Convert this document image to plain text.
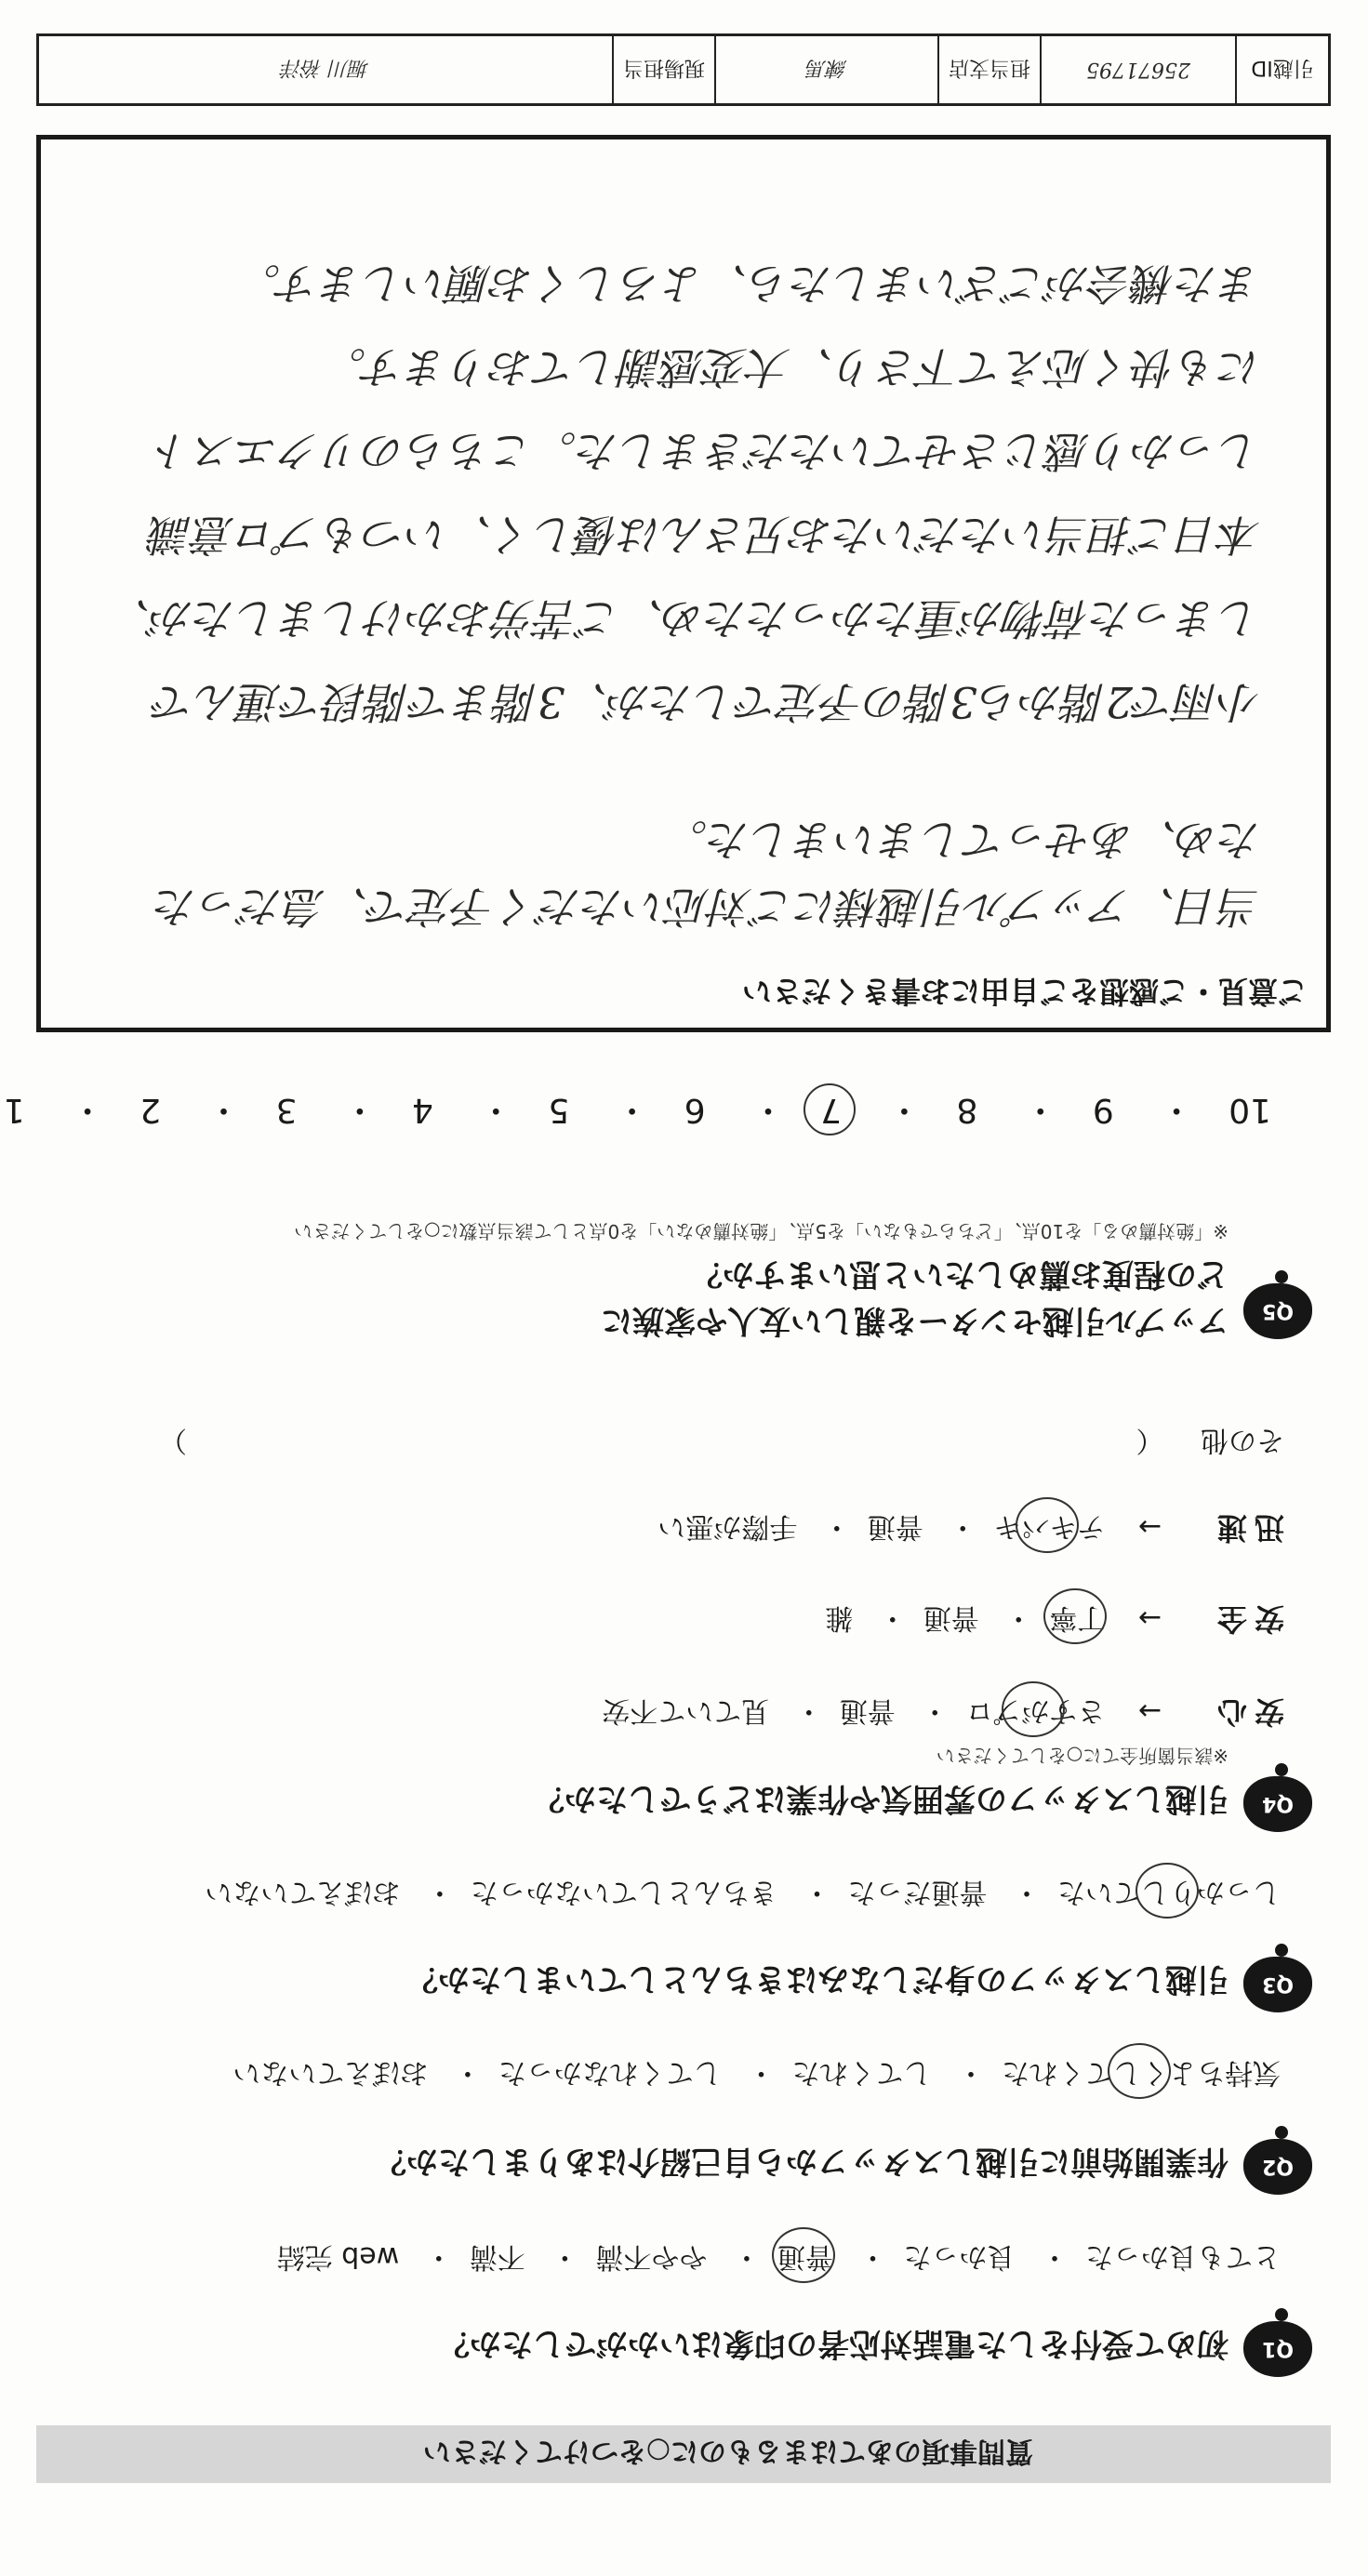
引越ID
25671795
担当支店
練馬
現場担当
堀川 裕洋
質問事項のあてはまるものに○をつけてください
Q1
初めて受付をした電話対応者の印象はいかがでしたか？
とても良かった・ 良かった・ 普通・ やや不満・ 不満・ web 完結
Q2
作業開始前に引越しスタッフから自己紹介はありましたか？
気持ちよくしてくれた・ してくれた・ してくれなかった・ おぼえていない
Q3
引越しスタッフの身だしなみはきちんとしていましたか？
しっかりしていた・ 普通だった・ きちんとしていなかった・ おぼえていない
Q4
引越しスタッフの雰囲気や作業はどうでしたか？
※該当箇所全てに○をしてください
安心→ さすがプロ・ 普通・ 見ていて不安
安全→ 丁寧・ 普通・ 雑
迅速→ テキパキ・ 普通・ 手際が悪い
その他 （
）
Q5
アップル引越センターを親しい友人や家族に
どの程度お薦めしたいと思いますか？
※「絶対薦める」を10点、「どちらでもない」を5点、「絶対薦めない」を0点として該当点数に○をしてください
10・ 9・ 8・ 7・ 6・ 5・ 4・ 3・ 2・ 1
ご意見・ご感想をご自由にお書きください
当日、アップル引越様にご対応いただく予定で、急だった
ため、あせってしまいました。
小雨で2階から3階の予定でしたが、3階まで階段で運んで
しまった荷物が重たかったため、ご苦労おかけしましたが、
本日ご担当いただいたお兄さんは優しく、いつもプロ意識
しっかり感じさせていただきました。こちらのリクエスト
にも快く応えて下さり、大変感謝しております。
また機会がございましたら、よろしくお願いします。
